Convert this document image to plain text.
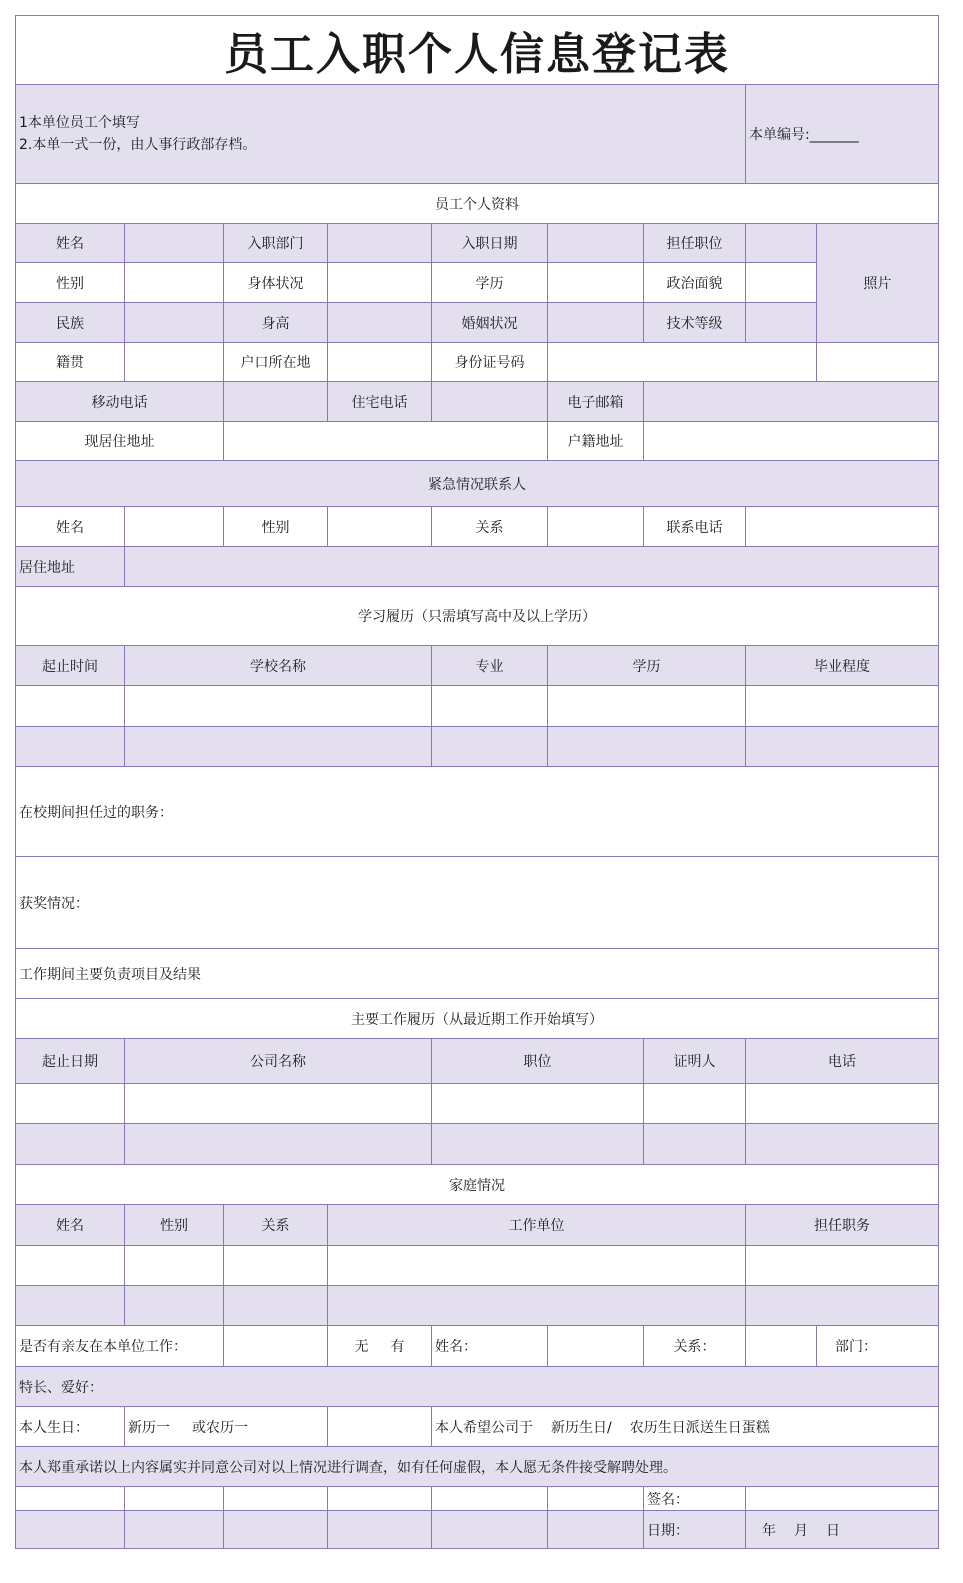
员工入职个人信息登记表								

1本单位员工个填写
2.本单一式一份，由人事行政部存档。							本单编号:_______	
员工个人资料								
姓名		入职部门		入职日期		担任职位		照片
性别		身体状况		学历		政治面貌		
民族		身高		婚姻状况		技术等级		
籍贯		户口所在地		身份证号码				
移动电话			住宅电话		电子邮箱			
现居住地址					户籍地址			
紧急情况联系人								
姓名		性别		关系		联系电话		
居住地址								
学习履历（只需填写高中及以上学历）								
起止时间	学校名称			专业	学历		毕业程度	

在校期间担任过的职务：								
获奖情况：								
工作期间主要负责项目及结果								
主要工作履历（从最近期工作开始填写）								
起止日期	公司名称			职位		证明人	电话	

家庭情况								
姓名	性别	关系	工作单位				担任职务	

是否有亲友在本单位工作：			无 有	姓名：		关系：		部门：
特长、爱好：								
本人生日：	新历一 或农历一			本人希望公司于 新历生日/ 农历生日派送生日蛋糕				
本人郑重承诺以上内容属实并同意公司对以上情况进行调查，如有任何虚假，本人愿无条件接受解聘处理。								
						签名：		
						日期：	年 月 日	
